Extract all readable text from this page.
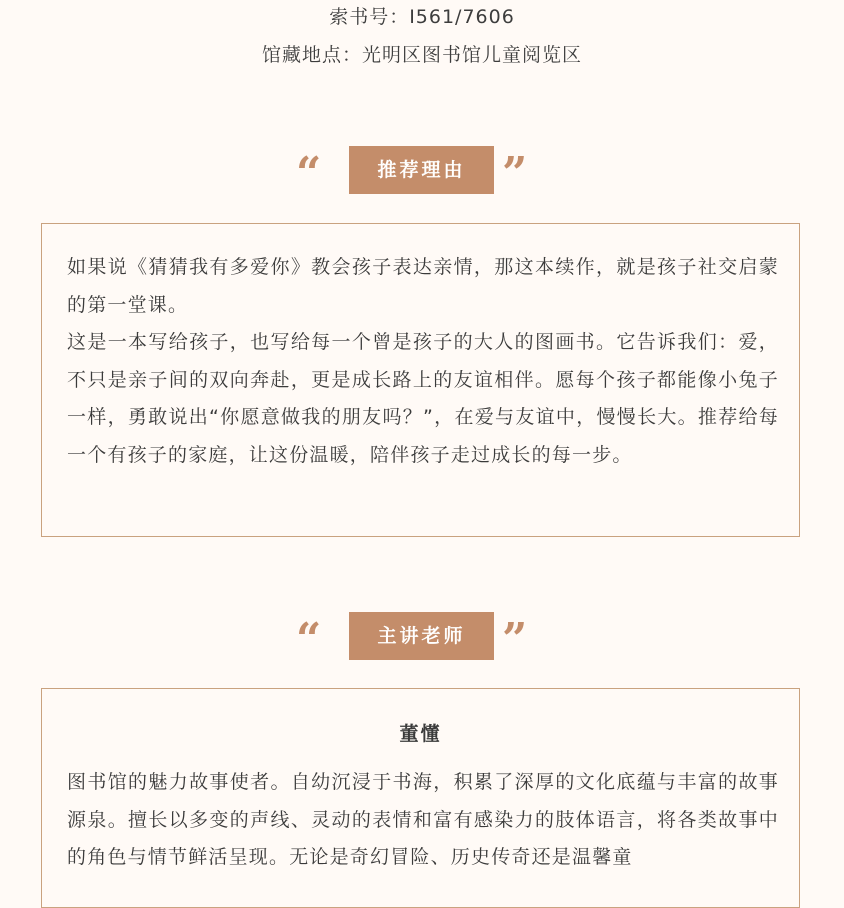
索书号：I561/7606
馆藏地点：光明区图书馆儿童阅览区
“	推荐理由 ”

如果说《猜猜我有多爱你》教会孩子表达亲情，那这本续作，就是孩子社交启蒙的第一堂课。

这是一本写给孩子，也写给每一个曾是孩子的大人的图画书。它告诉我们：爱，不只是亲子间的双向奔赴，更是成长路上的友谊相伴。愿每个孩子都能像小兔子一样，勇敢说出“你愿意做我的朋友吗？”，在爱与友谊中，慢慢长大。推荐给每一个有孩子的家庭，让这份温暖，陪伴孩子走过成长的每一步。

“	主讲老师 ”
董懂

图书馆的魅力故事使者。自幼沉浸于书海，积累了深厚的文化底蕴与丰富的故事源泉。擅长以多变的声线、灵动的表情和富有感染力的肢体语言，将各类故事中的角色与情节鲜活呈现。无论是奇幻冒险、历史传奇还是温馨童
